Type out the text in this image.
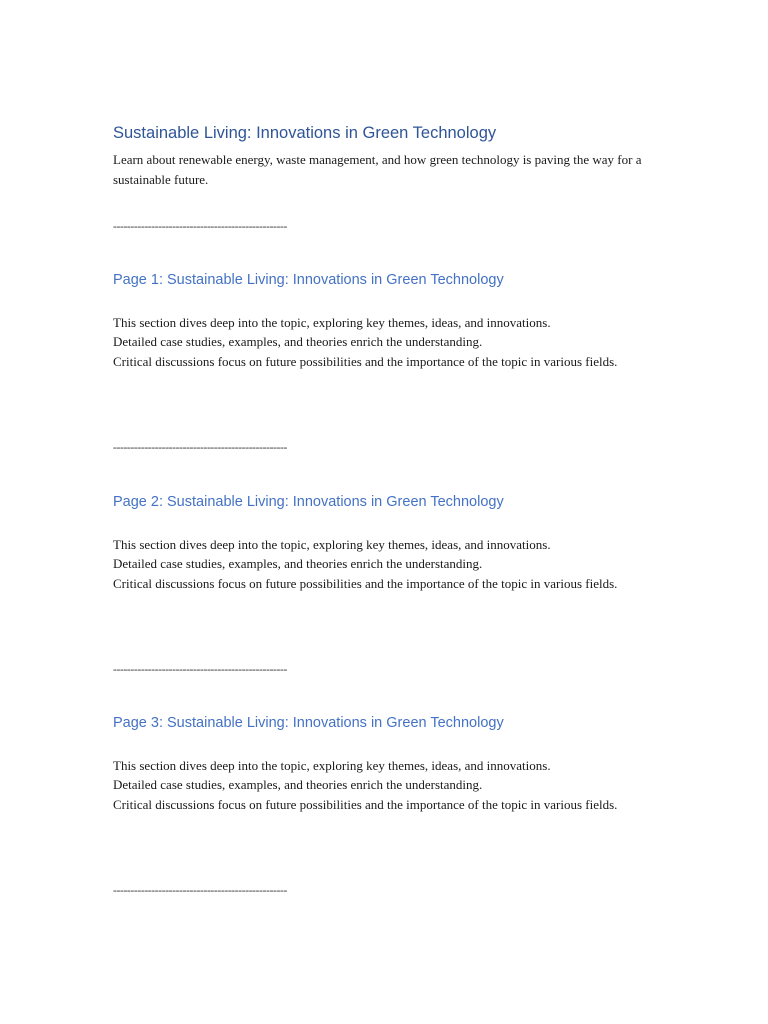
Sustainable Living: Innovations in Green Technology

Learn about renewable energy, waste management, and how green technology is paving the way for a sustainable future.

--------------------------------------------------

Page 1: Sustainable Living: Innovations in Green Technology

This section dives deep into the topic, exploring key themes, ideas, and innovations.
Detailed case studies, examples, and theories enrich the understanding.
Critical discussions focus on future possibilities and the importance of the topic in various fields.

--------------------------------------------------

Page 2: Sustainable Living: Innovations in Green Technology

This section dives deep into the topic, exploring key themes, ideas, and innovations.
Detailed case studies, examples, and theories enrich the understanding.
Critical discussions focus on future possibilities and the importance of the topic in various fields.

--------------------------------------------------

Page 3: Sustainable Living: Innovations in Green Technology

This section dives deep into the topic, exploring key themes, ideas, and innovations.
Detailed case studies, examples, and theories enrich the understanding.
Critical discussions focus on future possibilities and the importance of the topic in various fields.

--------------------------------------------------
